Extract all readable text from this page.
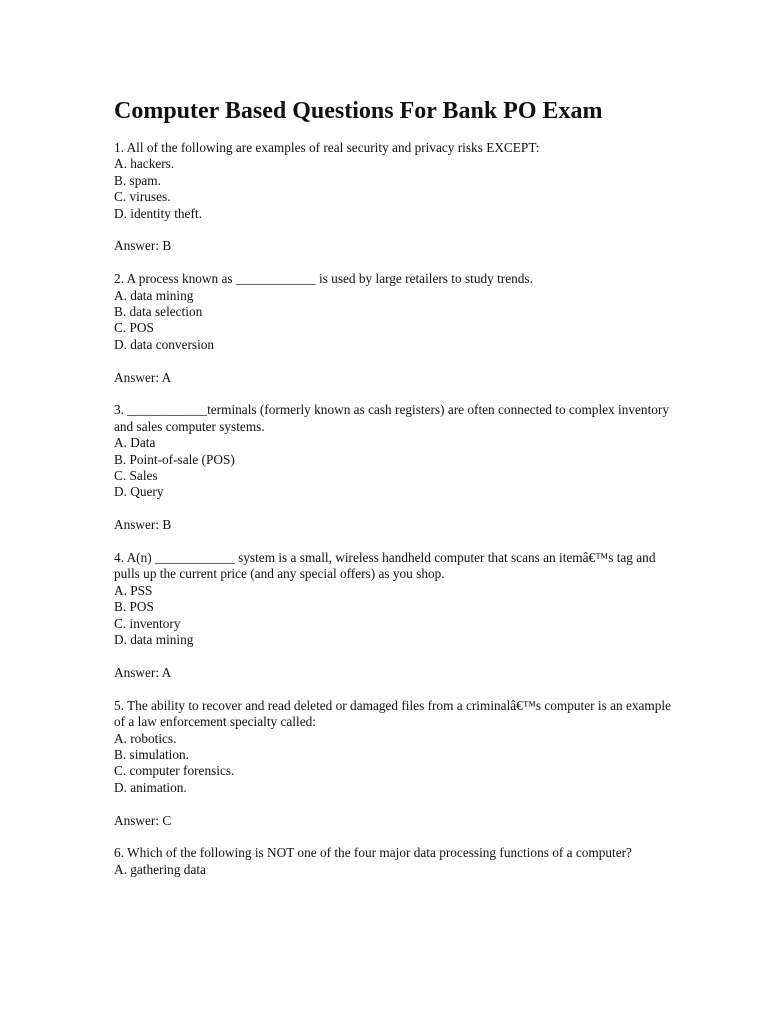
Computer Based Questions For Bank PO Exam

1. All of the following are examples of real security and privacy risks EXCEPT:

A. hackers.
B. spam.
C. viruses.
D. identity theft.

Answer: B

2. A process known as ____________ is used by large retailers to study trends.

A. data mining
B. data selection
C. POS
D. data conversion

Answer: A

3. ____________terminals (formerly known as cash registers) are often connected to complex inventory and sales computer systems.

A. Data
B. Point-of-sale (POS)
C. Sales
D. Query

Answer: B

4. A(n) ____________ system is a small, wireless handheld computer that scans an itemâ€™s tag and pulls up the current price (and any special offers) as you shop.

A. PSS
B. POS
C. inventory
D. data mining

Answer: A

5. The ability to recover and read deleted or damaged files from a criminalâ€™s computer is an example of a law enforcement specialty called:

A. robotics.
B. simulation.
C. computer forensics.
D. animation.

Answer: C

6. Which of the following is NOT one of the four major data processing functions of a computer?

A. gathering data
